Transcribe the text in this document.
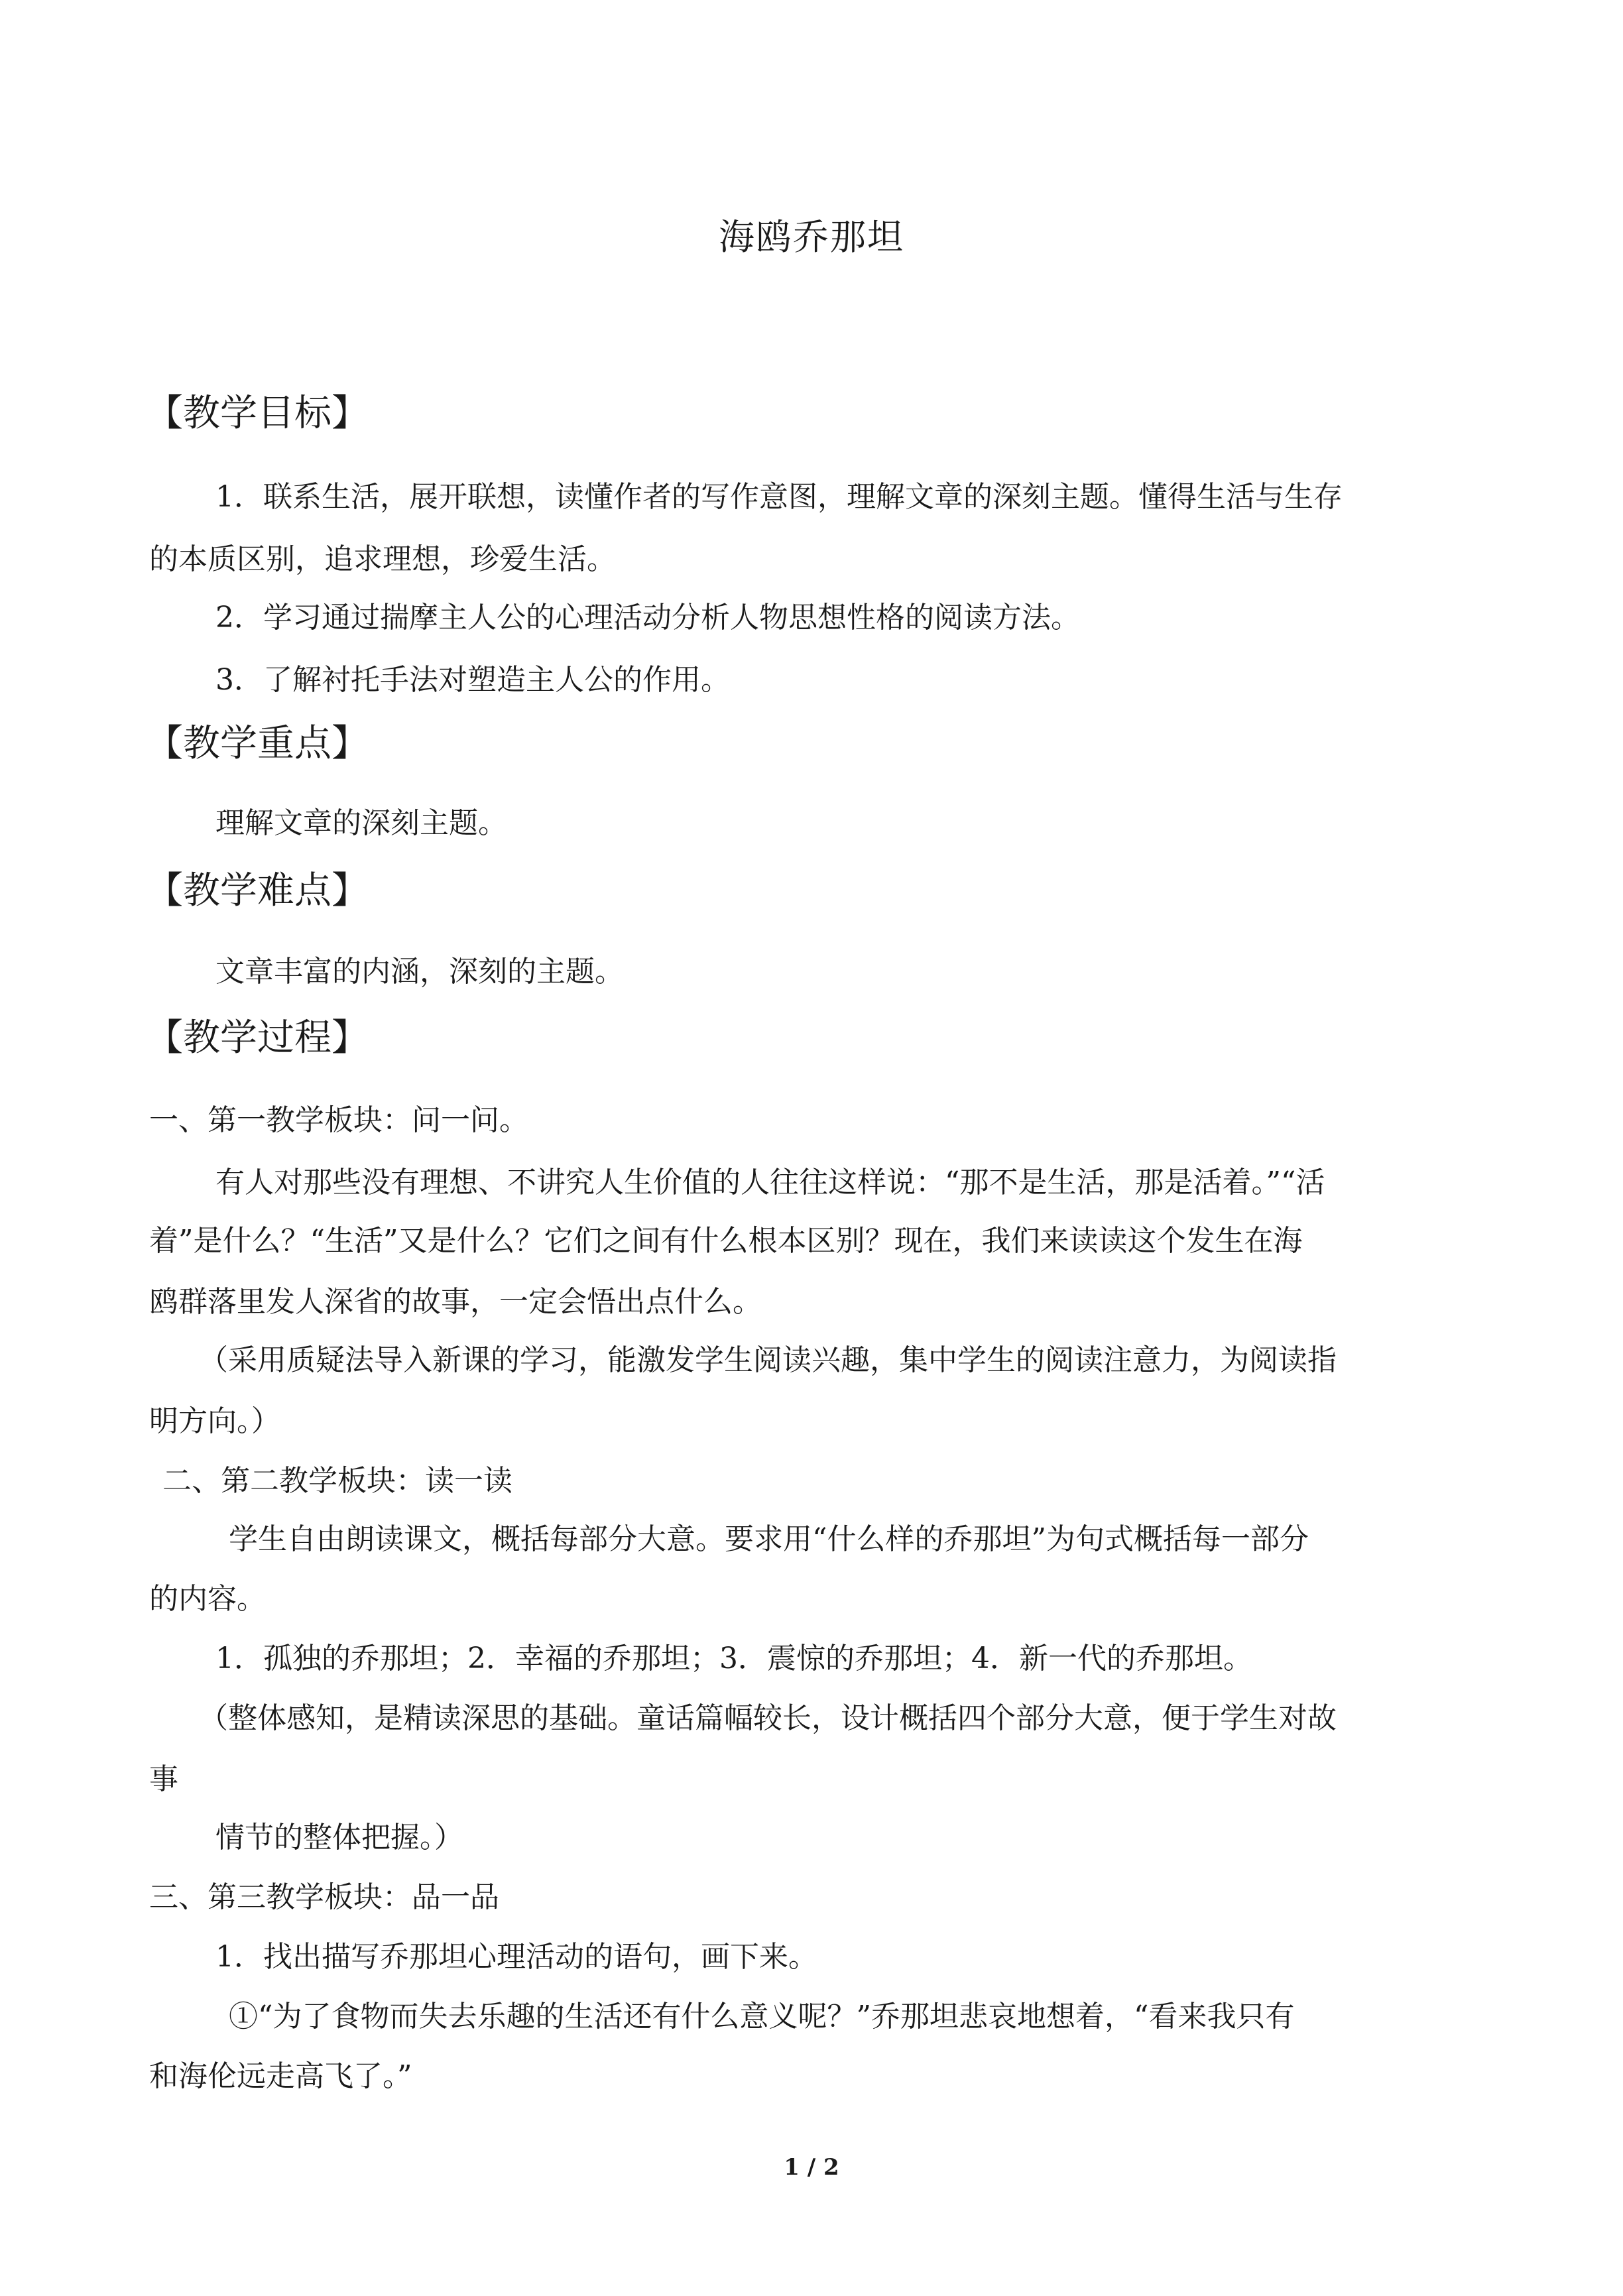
海鸥乔那坦
【教学目标】

1．联系生活，展开联想，读懂作者的写作意图，理解文章的深刻主题。懂得生活与生存

的本质区别，追求理想，珍爱生活。

2．学习通过揣摩主人公的心理活动分析人物思想性格的阅读方法。

3．了解衬托手法对塑造主人公的作用。

【教学重点】

理解文章的深刻主题。

【教学难点】

文章丰富的内涵，深刻的主题。

【教学过程】

一、第一教学板块：问一问。

有人对那些没有理想、不讲究人生价值的人往往这样说：“那不是生活，那是活着。”“活

着”是什么？“生活”又是什么？它们之间有什么根本区别？现在，我们来读读这个发生在海

鸥群落里发人深省的故事，一定会悟出点什么。

（采用质疑法导入新课的学习，能激发学生阅读兴趣，集中学生的阅读注意力，为阅读指

明方向。）

二、第二教学板块：读一读

学生自由朗读课文，概括每部分大意。要求用“什么样的乔那坦”为句式概括每一部分

的内容。

1．孤独的乔那坦；2．幸福的乔那坦；3．震惊的乔那坦；4．新一代的乔那坦。

（整体感知，是精读深思的基础。童话篇幅较长，设计概括四个部分大意，便于学生对故

事

情节的整体把握。）

三、第三教学板块：品一品

1．找出描写乔那坦心理活动的语句，画下来。

①“为了食物而失去乐趣的生活还有什么意义呢？”乔那坦悲哀地想着，“看来我只有

和海伦远走高飞了。”

1 / 2
